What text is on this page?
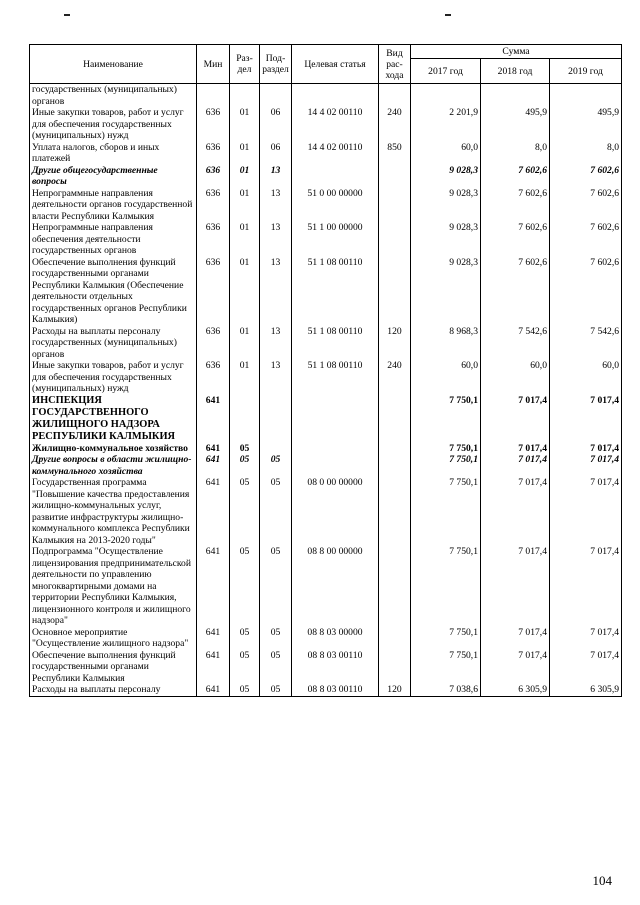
Наименование	Мин	Раз-дел	Под-раздел	Целевая статья	Вид рас-хода	Сумма		
						2017 год	2018 год	2019 год
государственных (муниципальных) органов								
Иные закупки товаров, работ и услуг для обеспечения государственных (муниципальных) нужд	636	01	06	14 4 02 00110	240	2 201,9	495,9	495,9
Уплата налогов, сборов и иных платежей	636	01	06	14 4 02 00110	850	60,0	8,0	8,0
Другие общегосударственные вопросы	636	01	13			9 028,3	7 602,6	7 602,6
Непрограммные направления деятельности органов государственной власти Республики Калмыкия	636	01	13	51 0 00 00000		9 028,3	7 602,6	7 602,6
Непрограммные направления обеспечения деятельности государственных органов	636	01	13	51 1 00 00000		9 028,3	7 602,6	7 602,6
Обеспечение выполнения функций государственными органами Республики Калмыкия (Обеспечение деятельности отдельных государственных органов Республики Калмыкия)	636	01	13	51 1 08 00110		9 028,3	7 602,6	7 602,6
Расходы на выплаты персоналу государственных (муниципальных) органов	636	01	13	51 1 08 00110	120	8 968,3	7 542,6	7 542,6
Иные закупки товаров, работ и услуг для обеспечения государственных (муниципальных) нужд	636	01	13	51 1 08 00110	240	60,0	60,0	60,0
ИНСПЕКЦИЯ ГОСУДАРСТВЕННОГО ЖИЛИЩНОГО НАДЗОРА РЕСПУБЛИКИ КАЛМЫКИЯ	641					7 750,1	7 017,4	7 017,4
Жилищно-коммунальное хозяйство	641	05				7 750,1	7 017,4	7 017,4
Другие вопросы в области жилищно-коммунального хозяйства	641	05	05			7 750,1	7 017,4	7 017,4
Государственная программа "Повышение качества предоставления жилищно-коммунальных услуг, развитие инфраструктуры жилищно-коммунального комплекса Республики Калмыкия на 2013-2020 годы"	641	05	05	08 0 00 00000		7 750,1	7 017,4	7 017,4
Подпрограмма "Осуществление лицензирования предпринимательской деятельности по управлению многоквартирными домами на территории Республики Калмыкия, лицензионного контроля и жилищного надзора"	641	05	05	08 8 00 00000		7 750,1	7 017,4	7 017,4
Основное мероприятие "Осуществление жилищного надзора"	641	05	05	08 8 03 00000		7 750,1	7 017,4	7 017,4
Обеспечение выполнения функций государственными органами Республики Калмыкия	641	05	05	08 8 03 00110		7 750,1	7 017,4	7 017,4
Расходы на выплаты персоналу	641	05	05	08 8 03 00110	120	7 038,6	6 305,9	6 305,9
104
